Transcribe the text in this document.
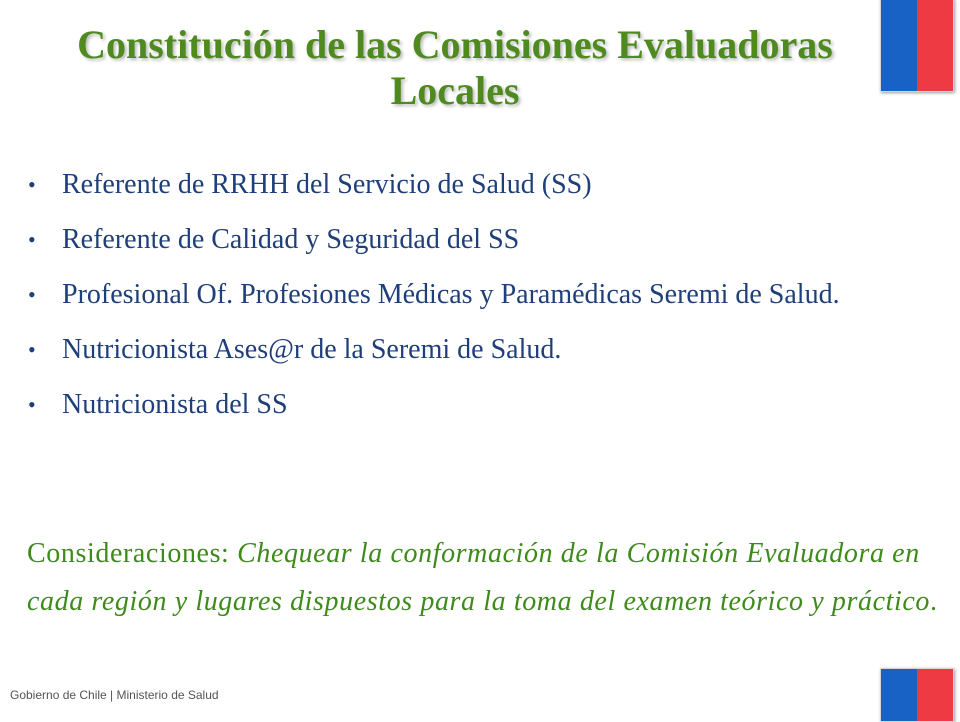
Constitución de las Comisiones Evaluadoras
Locales
• Referente de RRHH del Servicio de Salud (SS)
• Referente de Calidad y Seguridad del SS
• Profesional Of. Profesiones Médicas y Paramédicas Seremi de Salud.
• Nutricionista Ases@r de la Seremi de Salud.
• Nutricionista del SS

Consideraciones: Chequear la conformación de la Comisión Evaluadora en cada región y lugares dispuestos para la toma del examen teórico y práctico.

Gobierno de Chile | Ministerio de Salud
